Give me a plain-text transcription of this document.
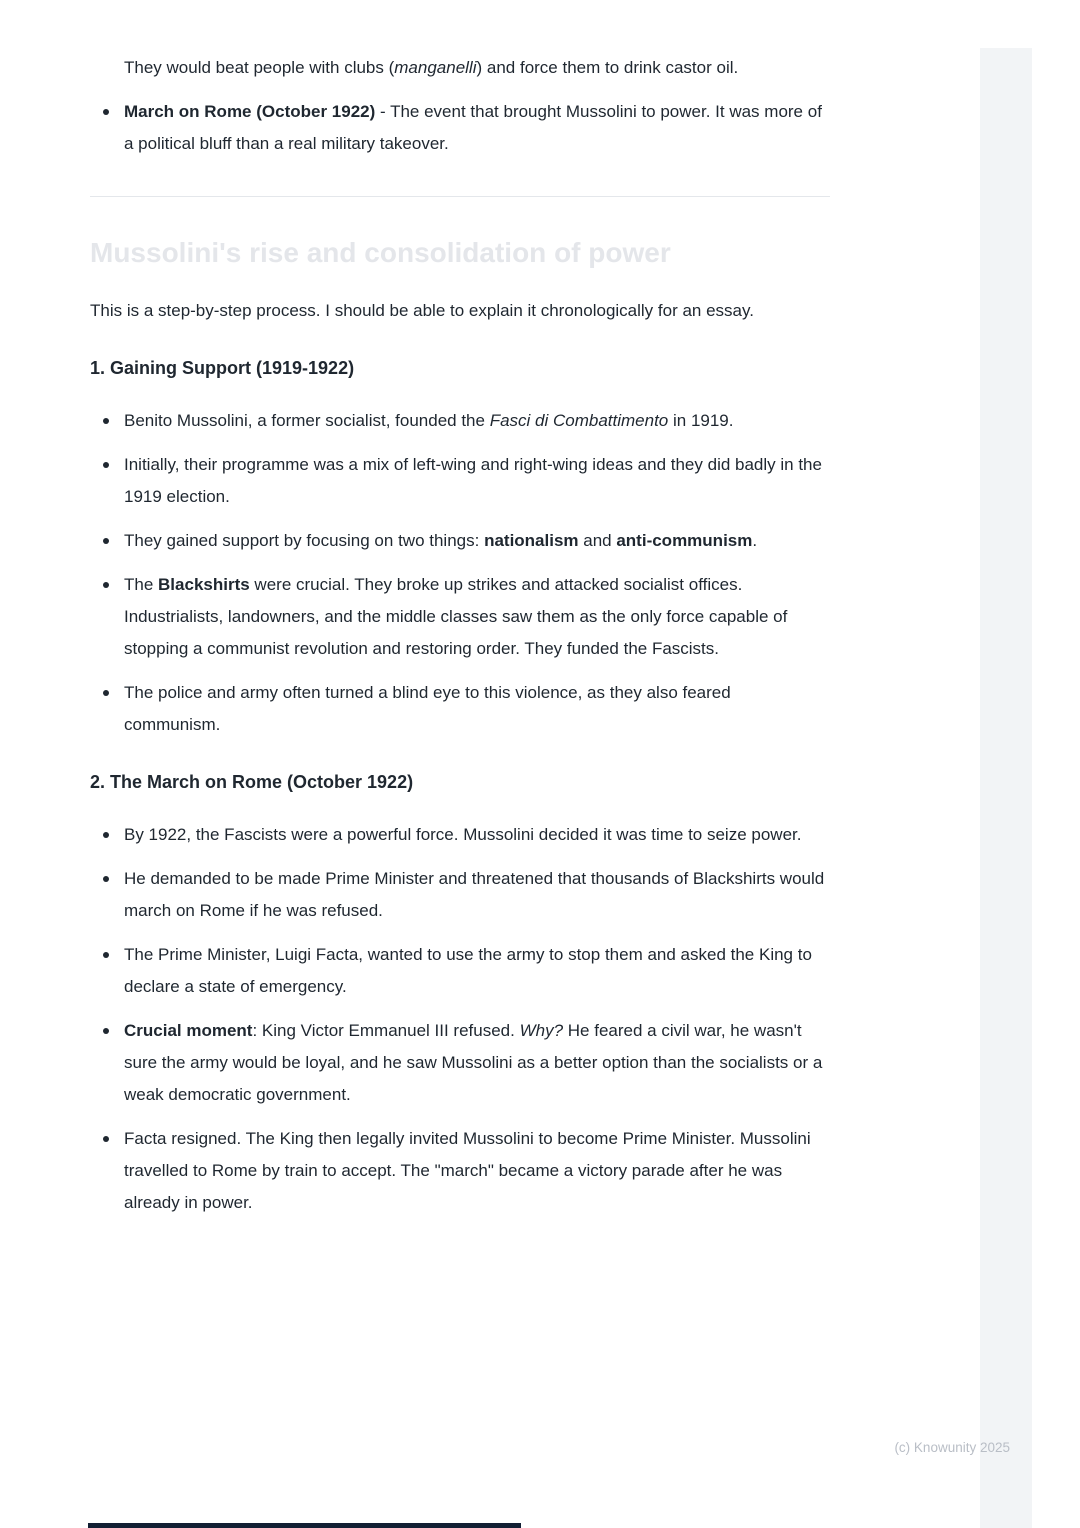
They would beat people with clubs (manganelli) and force them to drink castor oil.

March on Rome (October 1922) - The event that brought Mussolini to power. It was more of a political bluff than a real military takeover.
Mussolini's rise and consolidation of power

This is a step-by-step process. I should be able to explain it chronologically for an essay.

1. Gaining Support (1919-1922)
Benito Mussolini, a former socialist, founded the Fasci di Combattimento in 1919.
Initially, their programme was a mix of left-wing and right-wing ideas and they did badly in the 1919 election.
They gained support by focusing on two things: nationalism and anti-communism.
The Blackshirts were crucial. They broke up strikes and attacked socialist offices. Industrialists, landowners, and the middle classes saw them as the only force capable of stopping a communist revolution and restoring order. They funded the Fascists.
The police and army often turned a blind eye to this violence, as they also feared communism.
2. The March on Rome (October 1922)
By 1922, the Fascists were a powerful force. Mussolini decided it was time to seize power.
He demanded to be made Prime Minister and threatened that thousands of Blackshirts would march on Rome if he was refused.
The Prime Minister, Luigi Facta, wanted to use the army to stop them and asked the King to declare a state of emergency.
Crucial moment: King Victor Emmanuel III refused. Why? He feared a civil war, he wasn't sure the army would be loyal, and he saw Mussolini as a better option than the socialists or a weak democratic government.
Facta resigned. The King then legally invited Mussolini to become Prime Minister. Mussolini travelled to Rome by train to accept. The "march" became a victory parade after he was already in power.
(c) Knowunity 2025
